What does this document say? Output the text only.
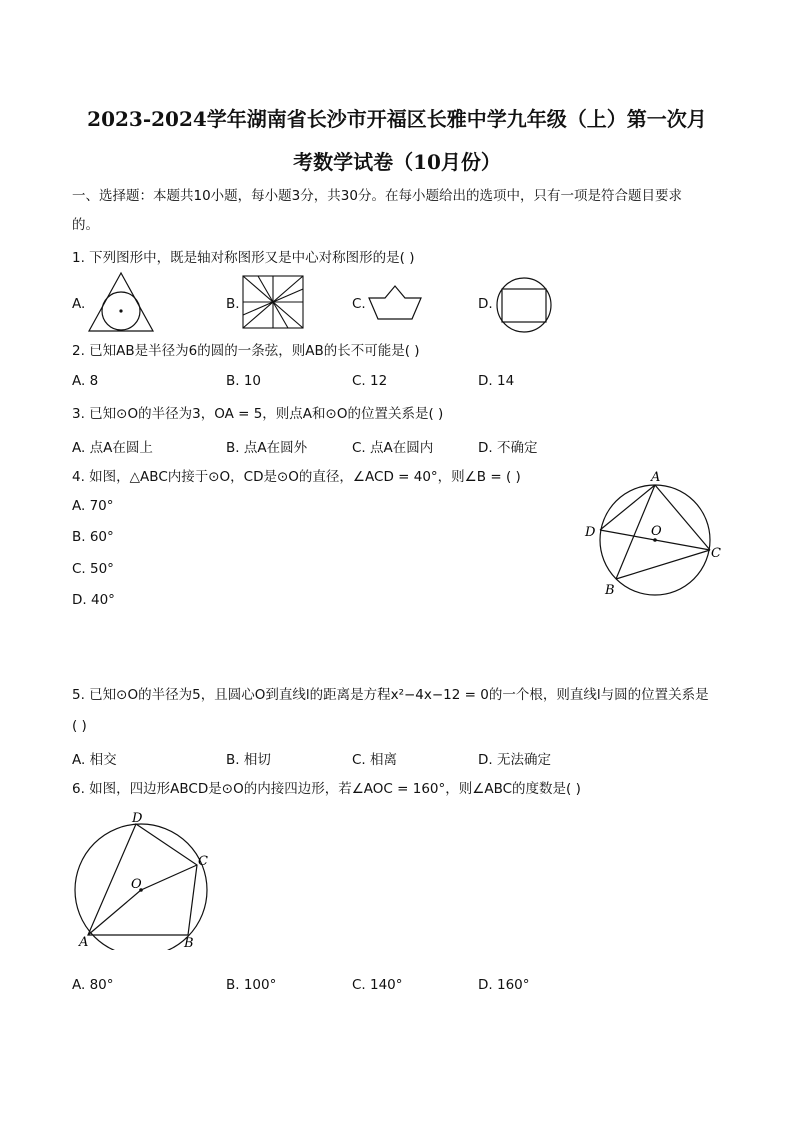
2023-2024学年湖南省长沙市开福区长雅中学九年级（上）第一次月
考数学试卷（10月份）
一、选择题：本题共10小题，每小题3分，共30分。在每小题给出的选项中，只有一项是符合题目要求
的。
1. 下列图形中，既是轴对称图形又是中心对称图形的是( )
A.	B.	C.	D.
2. 已知AB是半径为6的圆的一条弦，则AB的长不可能是( )
A. 8	B. 10	C. 12	D. 14
3. 已知⊙O的半径为3，OA = 5，则点A和⊙O的位置关系是( )
A. 点A在圆上	B. 点A在圆外	C. 点A在圆内	D. 不确定
4. 如图，△ABC内接于⊙O，CD是⊙O的直径，∠ACD = 40°，则∠B = ( )
A. 70°
B. 60°
C. 50°
D. 40°
A
D	O
C
B
5. 已知⊙O的半径为5，且圆心O到直线l的距离是方程x²−4x−12 = 0的一个根，则直线l与圆的位置关系是
( )
A. 相交	B. 相切	C. 相离	D. 无法确定
6. 如图，四边形ABCD是⊙O的内接四边形，若∠AOC = 160°，则∠ABC的度数是( )
D
C
O
A	B
A. 80°	B. 100°	C. 140°	D. 160°
